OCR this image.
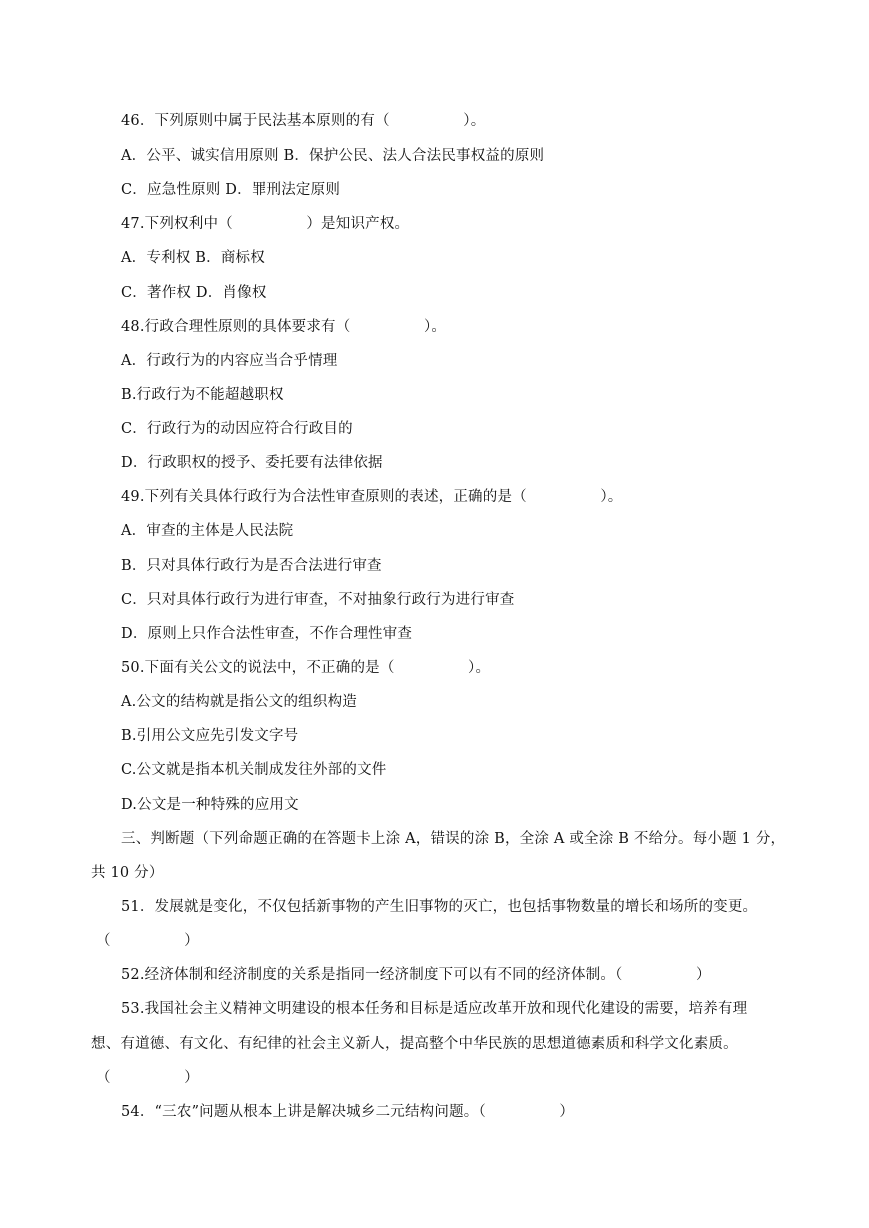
46．下列原则中属于民法基本原则的有（　　　　　）。
A．公平、诚实信用原则 B．保护公民、法人合法民事权益的原则
C．应急性原则 D．罪刑法定原则
47.下列权利中（　　　　　）是知识产权。
A．专利权 B．商标权
C．著作权 D．肖像权
48.行政合理性原则的具体要求有（　　　　　）。
A．行政行为的内容应当合乎情理
B.行政行为不能超越职权
C．行政行为的动因应符合行政目的
D．行政职权的授予、委托要有法律依据
49.下列有关具体行政行为合法性审查原则的表述，正确的是（　　　　　）。
A．审查的主体是人民法院
B．只对具体行政行为是否合法进行审查
C．只对具体行政行为进行审查，不对抽象行政行为进行审查
D．原则上只作合法性审查，不作合理性审查
50.下面有关公文的说法中，不正确的是（　　　　　）。
A.公文的结构就是指公文的组织构造
B.引用公文应先引发文字号
C.公文就是指本机关制成发往外部的文件
D.公文是一种特殊的应用文
三、判断题（下列命题正确的在答题卡上涂 A，错误的涂 B，全涂 A 或全涂 B 不给分。每小题 1 分，
共 10 分）
51．发展就是变化，不仅包括新事物的产生旧事物的灭亡，也包括事物数量的增长和场所的变更。
（　　　　　）
52.经济体制和经济制度的关系是指同一经济制度下可以有不同的经济体制。（　　　　　）
53.我国社会主义精神文明建设的根本任务和目标是适应改革开放和现代化建设的需要，培养有理
想、有道德、有文化、有纪律的社会主义新人，提高整个中华民族的思想道德素质和科学文化素质。
（　　　　　）
54．“三农”问题从根本上讲是解决城乡二元结构问题。（　　　　　）
